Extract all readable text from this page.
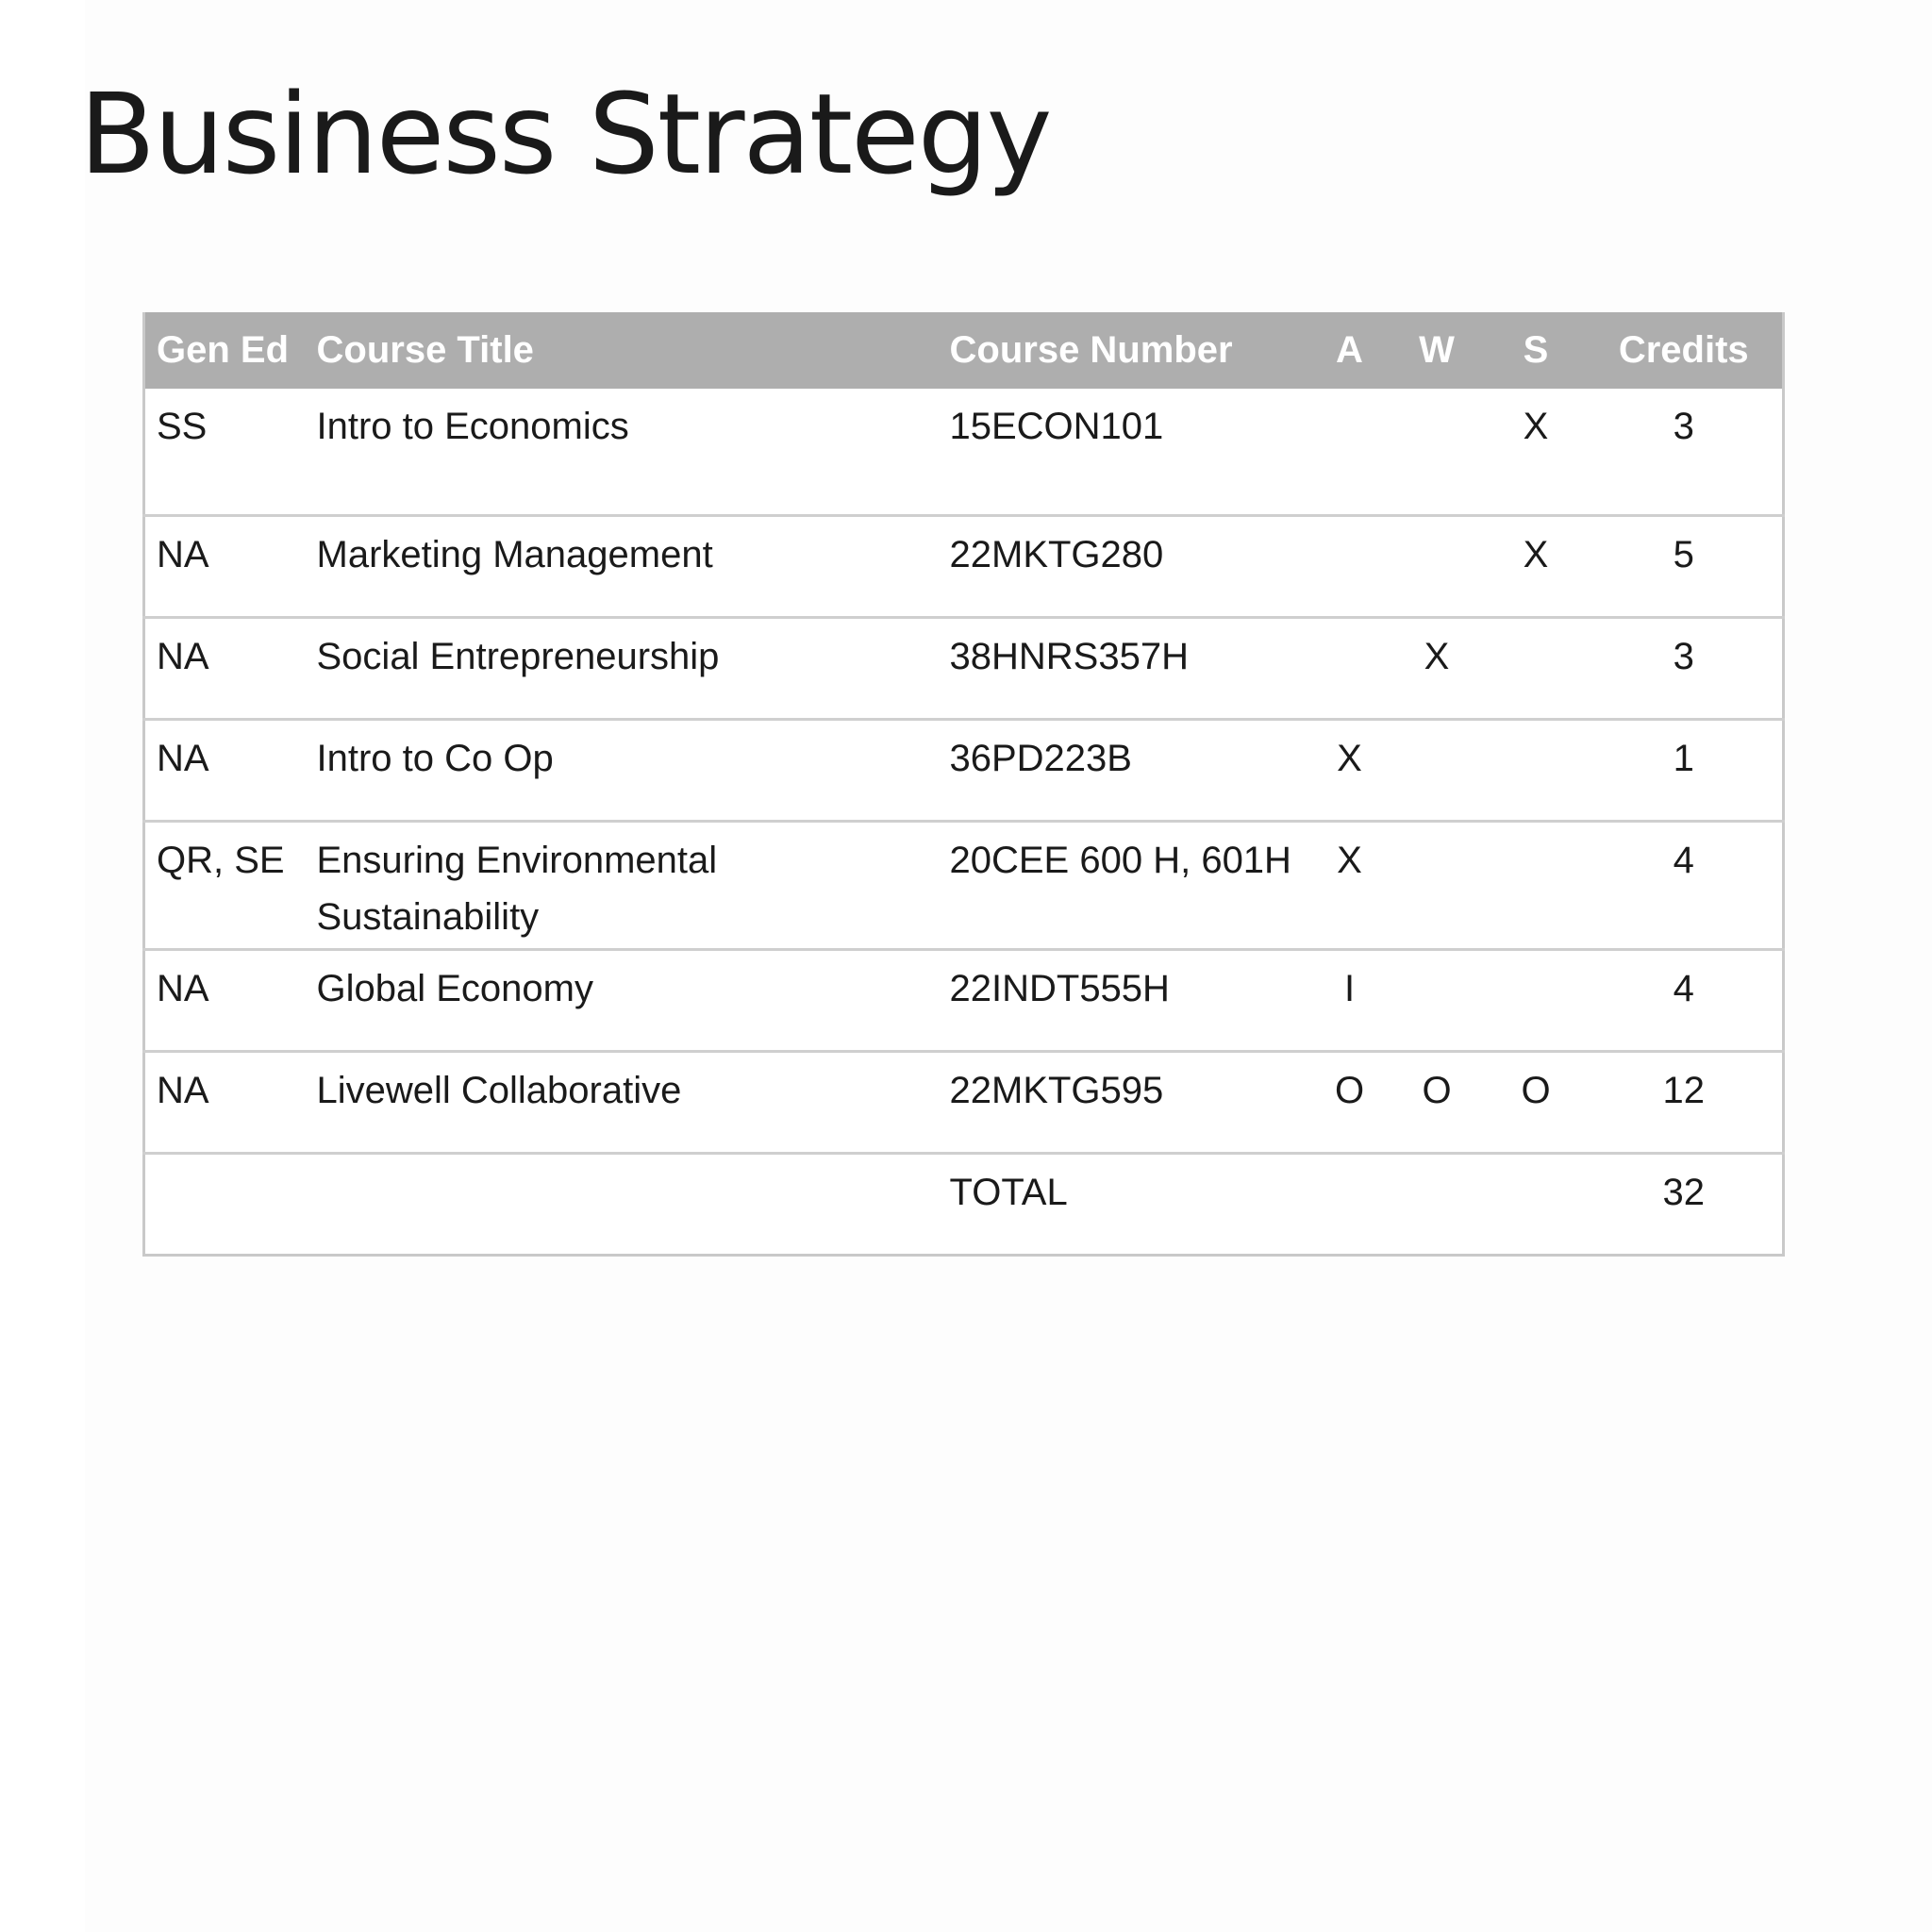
Business Strategy
Gen Ed	Course Title	Course Number	A	W	S	Credits
SS	Intro to Economics	15ECON101			X	3
NA	Marketing Management	22MKTG280			X	5
NA	Social Entrepreneurship	38HNRS357H		X		3
NA	Intro to Co Op	36PD223B	X			1
QR, SE	Ensuring Environmental Sustainability	20CEE 600 H, 601H	X			4
NA	Global Economy	22INDT555H	I			4
NA	Livewell Collaborative	22MKTG595	O	O	O	12
		TOTAL				32
